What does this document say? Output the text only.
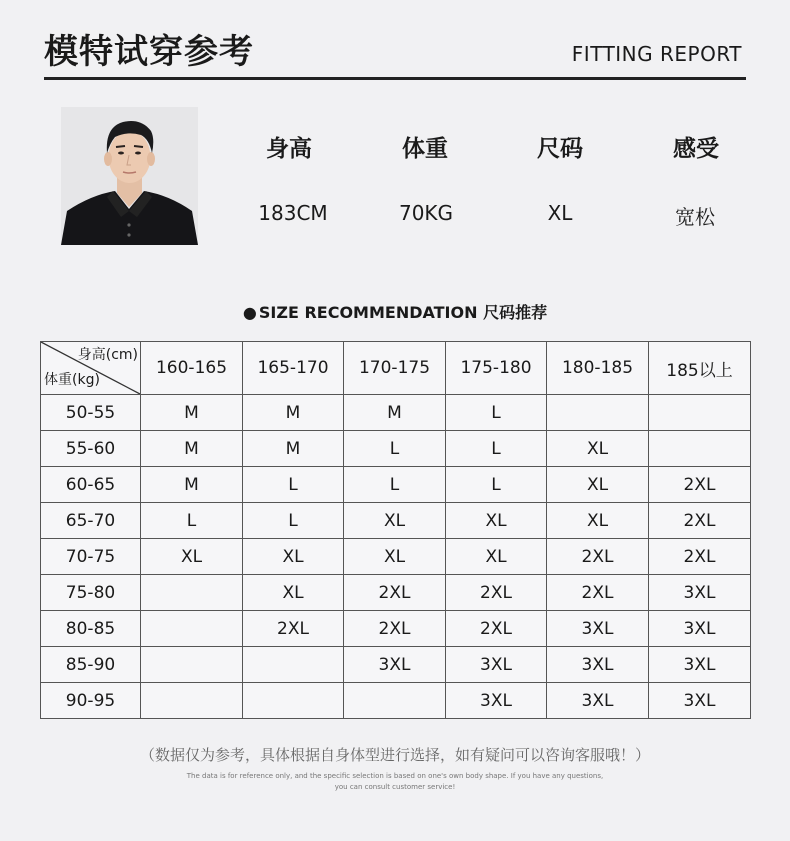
模特试穿参考	FITTING REPORT
身高	体重	尺码	感受
183CM	70KG	XL	宽松
● SIZE RECOMMENDATION 尺码推荐
身高(cm)
体重(kg)	160-165	165-170	170-175	175-180	180-185	185以上
50-55	M	M	M	L		
55-60	M	M	L	L	XL	
60-65	M	L	L	L	XL	2XL
65-70	L	L	XL	XL	XL	2XL
70-75	XL	XL	XL	XL	2XL	2XL
75-80		XL	2XL	2XL	2XL	3XL
80-85		2XL	2XL	2XL	3XL	3XL
85-90			3XL	3XL	3XL	3XL
90-95				3XL	3XL	3XL
（数据仅为参考，具体根据自身体型进行选择，如有疑问可以咨询客服哦！）
The data is for reference only, and the specific selection is based on one's own body shape. If you have any questions,
you can consult customer service!
